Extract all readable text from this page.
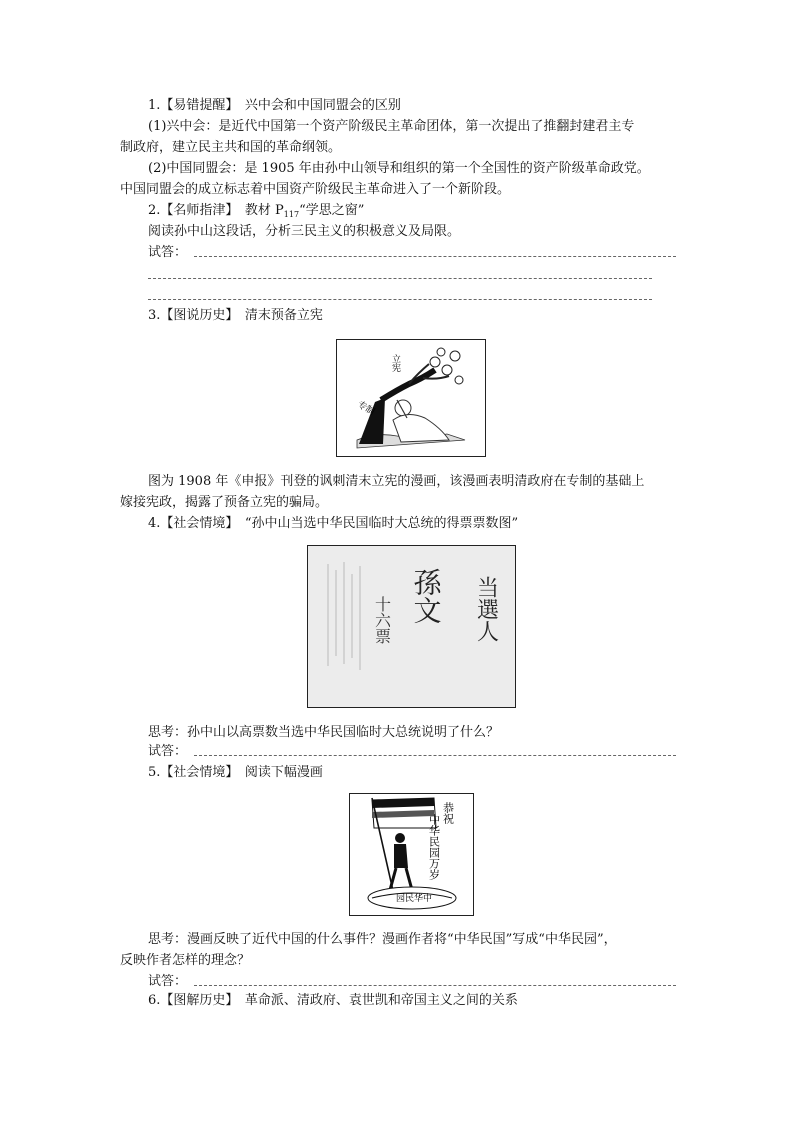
1.【易错提醒】　兴中会和中国同盟会的区别
(1)兴中会：是近代中国第一个资产阶级民主革命团体，第一次提出了推翻封建君主专
制政府，建立民主共和国的革命纲领。
(2)中国同盟会：是 1905 年由孙中山领导和组织的第一个全国性的资产阶级革命政党。
中国同盟会的成立标志着中国资产阶级民主革命进入了一个新阶段。
2.【名师指津】　教材 $P_{117}“$学思之窗”
阅读孙中山这段话，分析三民主义的积极意义及局限。
试答：
3.【图说历史】　清末预备立宪
立宪
专制
图为 1908 年《申报》刊登的讽刺清末立宪的漫画，该漫画表明清政府在专制的基础上
嫁接宪政，揭露了预备立宪的骗局。
4.【社会情境】　“孙中山当选中华民国临时大总统的得票票数图”
当選人
孫文
十六票
思考：孙中山以高票数当选中华民国临时大总统说明了什么？
试答：
5.【社会情境】　阅读下幅漫画
恭祝
中华民园万岁
园民华中
思考：漫画反映了近代中国的什么事件？漫画作者将“中华民国”写成“中华民园”，
反映作者怎样的理念？
试答：
6.【图解历史】　革命派、清政府、袁世凯和帝国主义之间的关系
